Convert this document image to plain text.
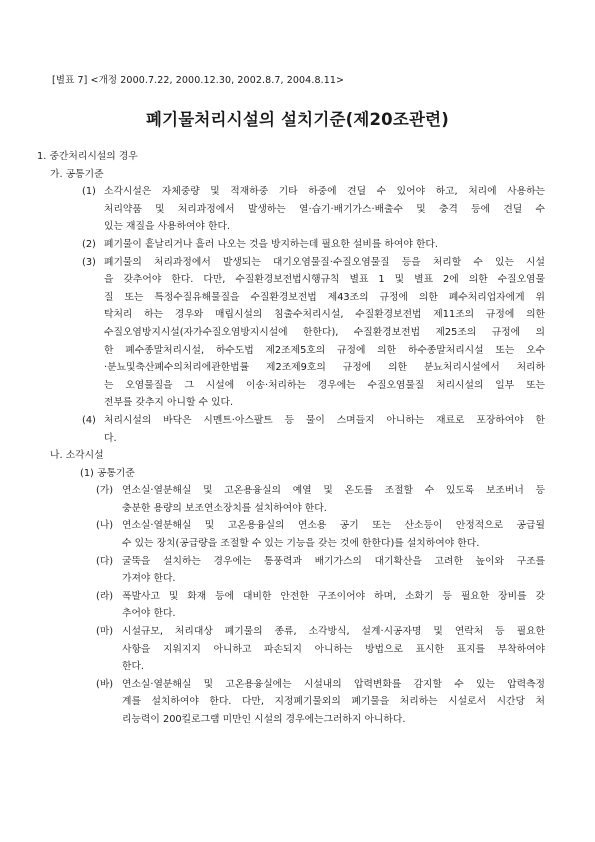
[별표 7] <개정 2000.7.22, 2000.12.30, 2002.8.7, 2004.8.11>
폐기물처리시설의 설치기준(제20조관련)
1. 중간처리시설의 경우
가. 공통기준
(1) 소각시설은 자체중량 및 적재하중 기타 하중에 견딜 수 있어야 하고, 처리에 사용하는

처리약품 및 처리과정에서 발생하는 열·습기·배기가스·배출수 및 충격 등에 견딜 수

있는 재질을 사용하여야 한다.

(2) 폐기물이 흩날리거나 흘러 나오는 것을 방지하는데 필요한 설비를 하여야 한다.

(3) 폐기물의 처리과정에서 발생되는 대기오염물질·수질오염물질 등을 처리할 수 있는 시설

을 갖추어야 한다. 다만, 수질환경보전법시행규칙 별표 1 및 별표 2에 의한 수질오염물

질 또는 특정수질유해물질을 수질환경보전법 제43조의 규정에 의한 폐수처리업자에게 위

탁처리 하는 경우와 매립시설의 침출수처리시설, 수질환경보전법 제11조의 규정에 의한

수질오염방지시설(자가수질오염방지시설에 한한다), 수질환경보전법 제25조의 규정에 의

한 폐수종말처리시설, 하수도법 제2조제5호의 규정에 의한 하수종말처리시설 또는 오수

·분뇨및축산폐수의처리에관한법률 제2조제9호의 규정에 의한 분뇨처리시설에서 처리하

는 오염물질을 그 시설에 이송·처리하는 경우에는 수질오염물질 처리시설의 일부 또는

전부를 갖추지 아니할 수 있다.

(4) 처리시설의 바닥은 시멘트·아스팔트 등 물이 스며들지 아니하는 재료로 포장하여야 한

다.

나. 소각시설
(1) 공통기준
(가) 연소실·열분해실 및 고온용융실의 예열 및 온도를 조절할 수 있도록 보조버너 등

충분한 용량의 보조연소장치를 설치하여야 한다.

(나) 연소실·열분해실 및 고온용융실의 연소용 공기 또는 산소등이 안정적으로 공급될

수 있는 장치(공급량을 조절할 수 있는 기능을 갖는 것에 한한다)를 설치하여야 한다.

(다) 굴뚝을 설치하는 경우에는 통풍력과 배기가스의 대기확산을 고려한 높이와 구조를

가져야 한다.

(라) 폭발사고 및 화재 등에 대비한 안전한 구조이어야 하며, 소화기 등 필요한 장비를 갖

추어야 한다.

(마) 시설규모, 처리대상 폐기물의 종류, 소각방식, 설계·시공자명 및 연락처 등 필요한

사항을 지워지지 아니하고 파손되지 아니하는 방법으로 표시한 표지를 부착하여야

한다.

(바) 연소실·열분해실 및 고온용융실에는 시설내의 압력변화를 감지할 수 있는 압력측정

계를 설치하여야 한다. 다만, 지정폐기물외의 폐기물을 처리하는 시설로서 시간당 처

리능력이 200킬로그램 미만인 시설의 경우에는그러하지 아니하다.
